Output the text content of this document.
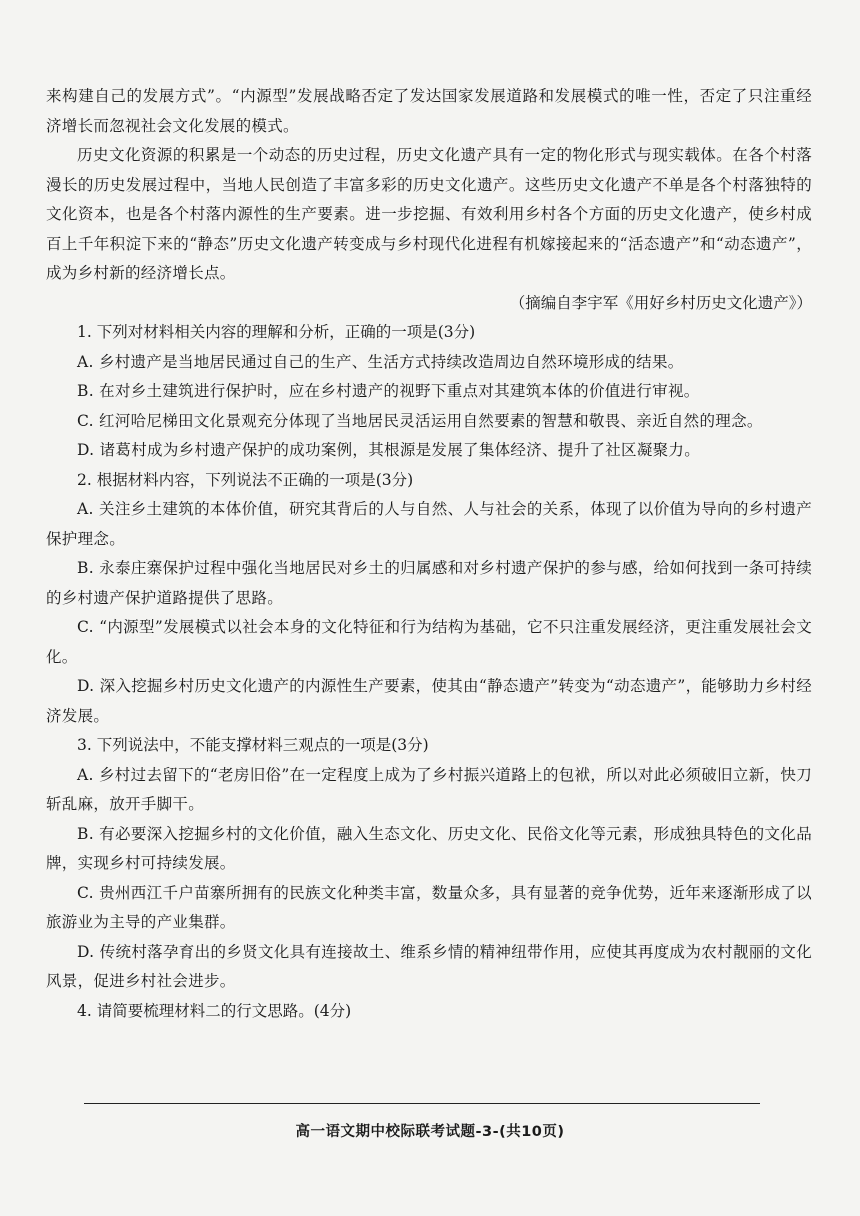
来构建自己的发展方式”。“内源型”发展战略否定了发达国家发展道路和发展模式的唯一性，否定了只注重经济增长而忽视社会文化发展的模式。

历史文化资源的积累是一个动态的历史过程，历史文化遗产具有一定的物化形式与现实载体。在各个村落漫长的历史发展过程中，当地人民创造了丰富多彩的历史文化遗产。这些历史文化遗产不单是各个村落独特的文化资本，也是各个村落内源性的生产要素。进一步挖掘、有效利用乡村各个方面的历史文化遗产，使乡村成百上千年积淀下来的“静态”历史文化遗产转变成与乡村现代化进程有机嫁接起来的“活态遗产”和“动态遗产”，成为乡村新的经济增长点。

（摘编自李宇军《用好乡村历史文化遗产》）

1. 下列对材料相关内容的理解和分析，正确的一项是(3分)

A. 乡村遗产是当地居民通过自己的生产、生活方式持续改造周边自然环境形成的结果。
B. 在对乡土建筑进行保护时，应在乡村遗产的视野下重点对其建筑本体的价值进行审视。
C. 红河哈尼梯田文化景观充分体现了当地居民灵活运用自然要素的智慧和敬畏、亲近自然的理念。
D. 诸葛村成为乡村遗产保护的成功案例，其根源是发展了集体经济、提升了社区凝聚力。

2. 根据材料内容，下列说法不正确的一项是(3分)

A. 关注乡土建筑的本体价值，研究其背后的人与自然、人与社会的关系，体现了以价值为导向的乡村遗产保护理念。
B. 永泰庄寨保护过程中强化当地居民对乡土的归属感和对乡村遗产保护的参与感，给如何找到一条可持续的乡村遗产保护道路提供了思路。
C. “内源型”发展模式以社会本身的文化特征和行为结构为基础，它不只注重发展经济，更注重发展社会文化。
D. 深入挖掘乡村历史文化遗产的内源性生产要素，使其由“静态遗产”转变为“动态遗产”，能够助力乡村经济发展。

3. 下列说法中，不能支撑材料三观点的一项是(3分)

A. 乡村过去留下的“老房旧俗”在一定程度上成为了乡村振兴道路上的包袱，所以对此必须破旧立新，快刀斩乱麻，放开手脚干。
B. 有必要深入挖掘乡村的文化价值，融入生态文化、历史文化、民俗文化等元素，形成独具特色的文化品牌，实现乡村可持续发展。
C. 贵州西江千户苗寨所拥有的民族文化种类丰富，数量众多，具有显著的竞争优势，近年来逐渐形成了以旅游业为主导的产业集群。
D. 传统村落孕育出的乡贤文化具有连接故土、维系乡情的精神纽带作用，应使其再度成为农村靓丽的文化风景，促进乡村社会进步。

4. 请简要梳理材料二的行文思路。(4分)

高一语文期中校际联考试题-3-(共10页)
